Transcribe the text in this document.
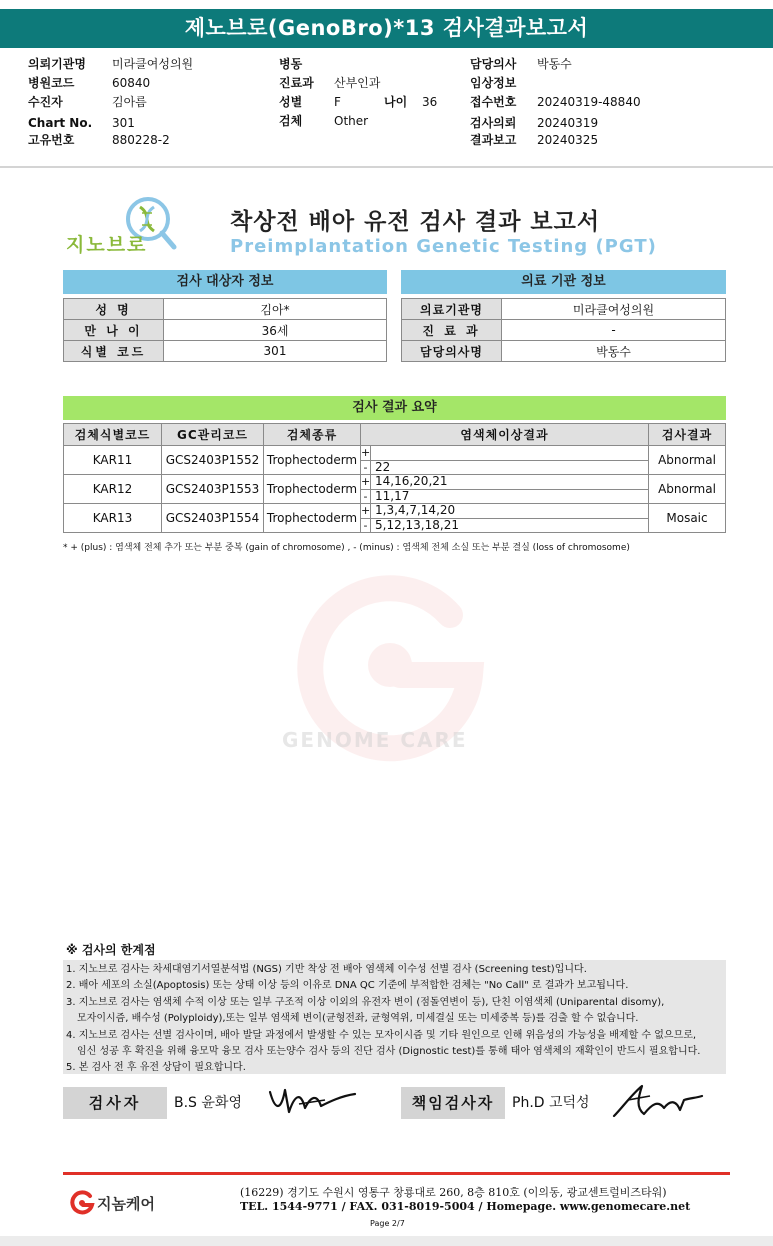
제노브로(GenoBro)*13 검사결과보고서
의뢰기관명 미라클여성의원
병원코드	60840
수진자	김아름
Chart No. 301
고유번호	880228-2
병동
진료과 산부인과
성별	F	나이 36
검체	Other
담당의사 박동수
임상정보
접수번호 20240319-48840
검사의뢰 20240319
결과보고 20240325
지노브로
착상전 배아 유전 검사 결과 보고서
Preimplantation Genetic Testing (PGT)
검사 대상자 정보	의료 기관 정보
성 명	김아*
만 나 이	36세
식별 코드	301
의료기관명	미라클여성의원
진 료 과	-
담당의사명	박동수
검사 결과 요약
검체식별코드	GC관리코드	검체종류	염색체이상결과	검사결과
KAR11	GCS2403P1552	Trophectoderm	+
- 22	Abnormal
KAR12	GCS2403P1553	Trophectoderm	+ 14,16,20,21
- 11,17	Abnormal
KAR13	GCS2403P1554	Trophectoderm	+ 1,3,4,7,14,20
- 5,12,13,18,21	Mosaic
* + (plus) : 염색체 전체 추가 또는 부분 중복 (gain of chromosome) , - (minus) : 염색체 전체 소실 또는 부분 결실 (loss of chromosome)
GENOME CARE
※ 검사의 한계점
1. 지노브로 검사는 차세대염기서열분석법 (NGS) 기반 착상 전 배아 염색체 이수성 선별 검사 (Screening test)입니다.
2. 배아 세포의 소실(Apoptosis) 또는 상태 이상 등의 이유로 DNA QC 기준에 부적합한 검체는 "No Call" 로 결과가 보고됩니다.
3. 지노브로 검사는 염색체 수적 이상 또는 일부 구조적 이상 이외의 유전자 변이 (점돌연변이 등), 단친 이염색체 (Uniparental disomy),
모자이시즘, 배수성 (Polyploidy),또는 일부 염색체 변이(균형전좌, 균형역위, 미세결실 또는 미세중복 등)를 검출 할 수 없습니다.
4. 지노브로 검사는 선별 검사이며, 배아 발달 과정에서 발생할 수 있는 모자이시즘 및 기타 원인으로 인해 위음성의 가능성을 배제할 수 없으므로,
임신 성공 후 확진을 위해 융모막 융모 검사 또는양수 검사 등의 진단 검사 (Dignostic test)를 통해 태아 염색체의 재확인이 반드시 필요합니다.
5. 본 검사 전 후 유전 상담이 필요합니다.
검사자	B.S 윤화영	책임검사자	Ph.D 고덕성
지놈케어
(16229) 경기도 수원시 영통구 창룡대로 260, 8층 810호 (이의동, 광교센트럴비즈타워)
TEL. 1544-9771 / FAX. 031-8019-5004 / Homepage. www.genomecare.net
Page 2/7
